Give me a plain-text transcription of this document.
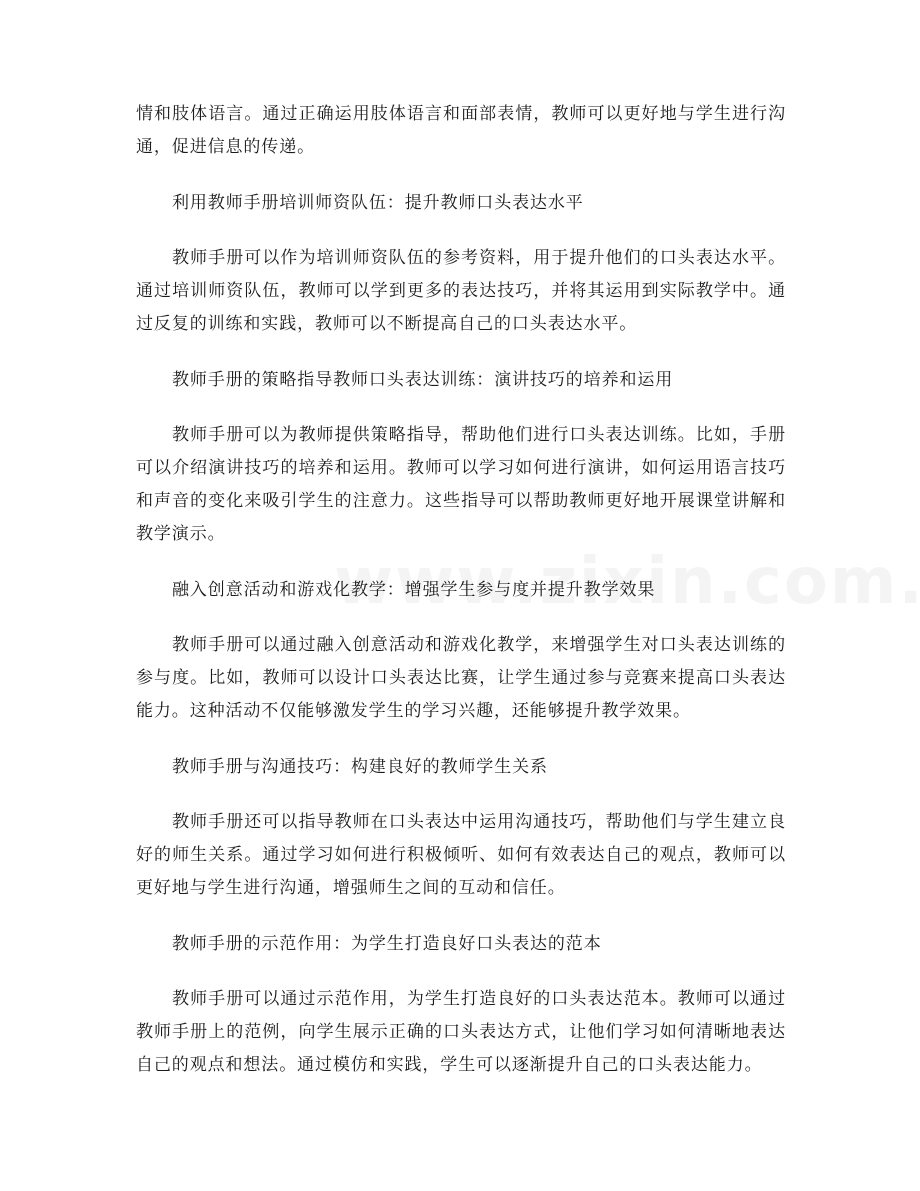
情和肢体语言。通过正确运用肢体语言和面部表情，教师可以更好地与学生进行沟通，促进信息的传递。

利用教师手册培训师资队伍：提升教师口头表达水平

教师手册可以作为培训师资队伍的参考资料，用于提升他们的口头表达水平。通过培训师资队伍，教师可以学到更多的表达技巧，并将其运用到实际教学中。通过反复的训练和实践，教师可以不断提高自己的口头表达水平。

教师手册的策略指导教师口头表达训练：演讲技巧的培养和运用

教师手册可以为教师提供策略指导，帮助他们进行口头表达训练。比如，手册可以介绍演讲技巧的培养和运用。教师可以学习如何进行演讲，如何运用语言技巧和声音的变化来吸引学生的注意力。这些指导可以帮助教师更好地开展课堂讲解和教学演示。

融入创意活动和游戏化教学：增强学生参与度并提升教学效果

教师手册可以通过融入创意活动和游戏化教学，来增强学生对口头表达训练的参与度。比如，教师可以设计口头表达比赛，让学生通过参与竞赛来提高口头表达能力。这种活动不仅能够激发学生的学习兴趣，还能够提升教学效果。

教师手册与沟通技巧：构建良好的教师学生关系

教师手册还可以指导教师在口头表达中运用沟通技巧，帮助他们与学生建立良好的师生关系。通过学习如何进行积极倾听、如何有效表达自己的观点，教师可以更好地与学生进行沟通，增强师生之间的互动和信任。

教师手册的示范作用：为学生打造良好口头表达的范本

教师手册可以通过示范作用，为学生打造良好的口头表达范本。教师可以通过教师手册上的范例，向学生展示正确的口头表达方式，让他们学习如何清晰地表达自己的观点和想法。通过模仿和实践，学生可以逐渐提升自己的口头表达能力。
